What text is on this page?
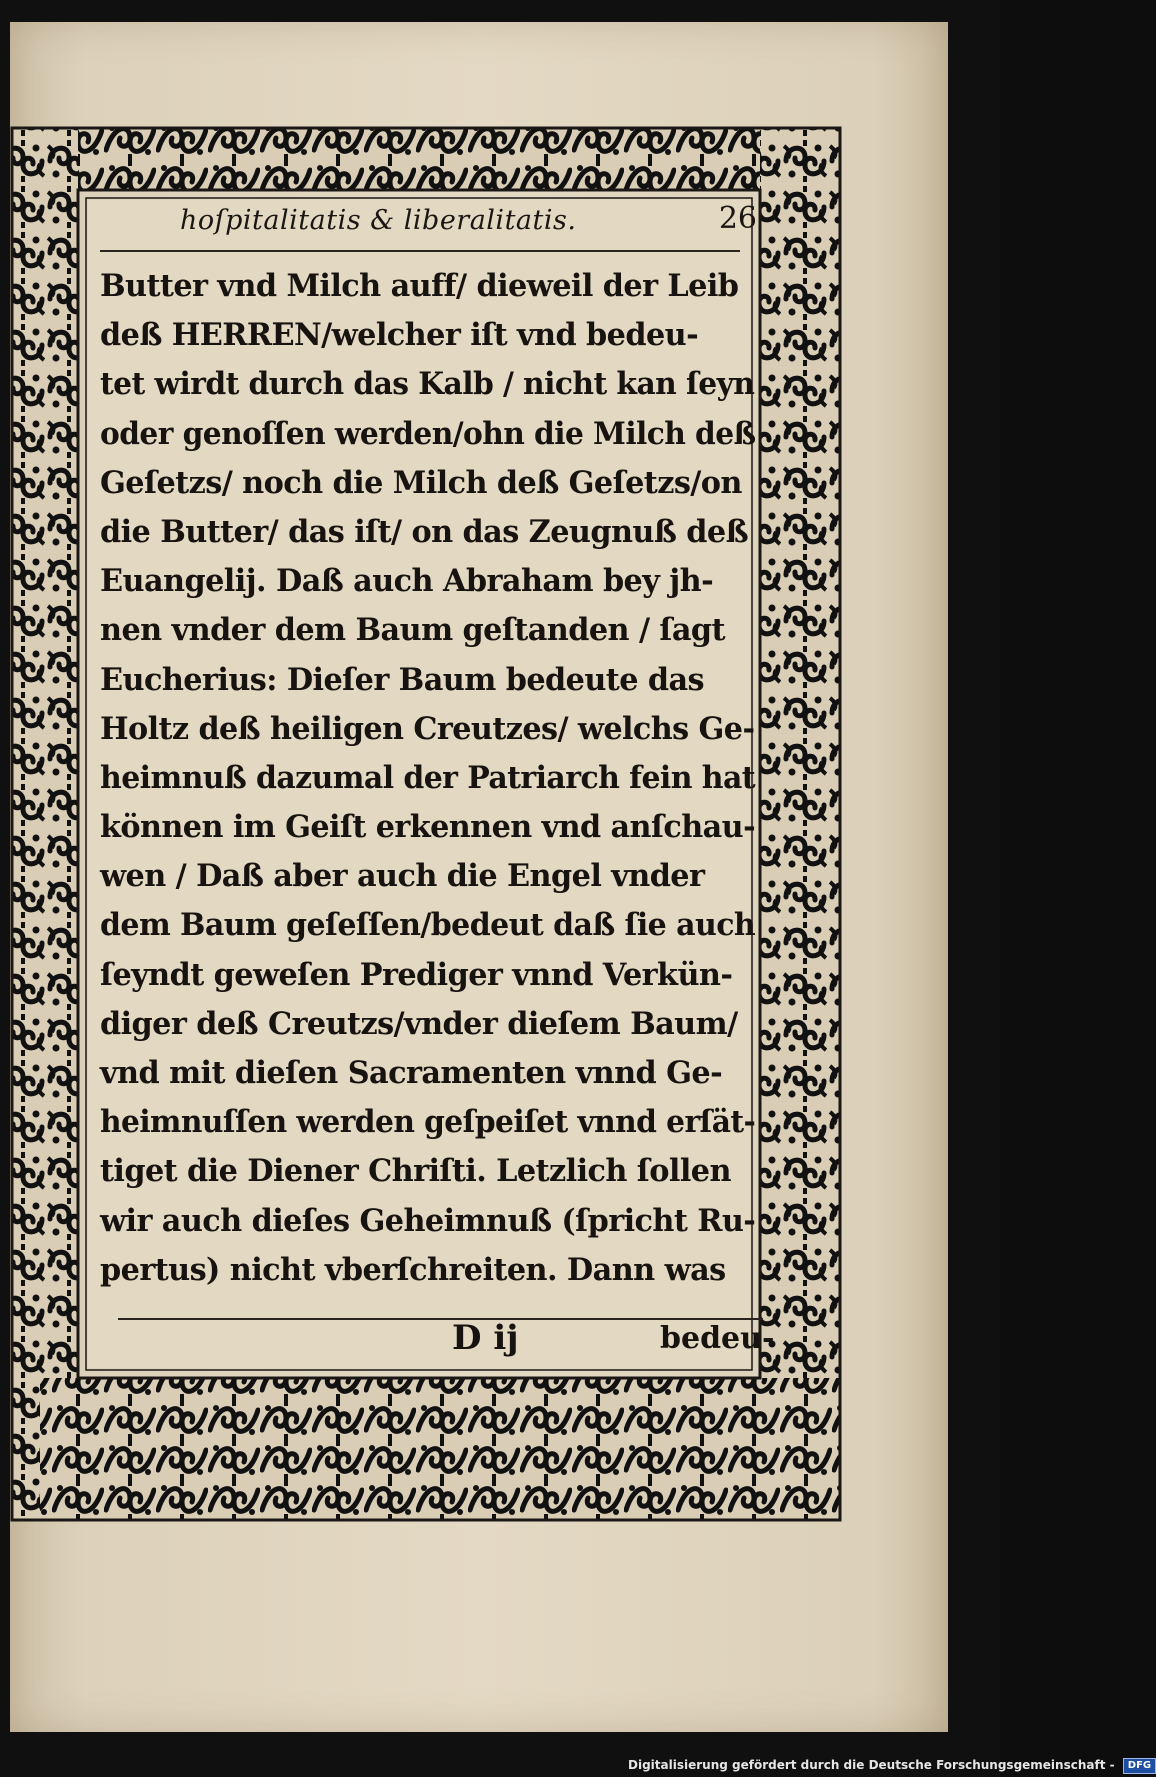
hoſpitalitatis & liberalitatis.	26
Butter vnd Milch auff/ dieweil der Leib
deß HERREN/welcher iſt vnd bedeu-
tet wirdt durch das Kalb / nicht kan ſeyn
oder genoſſen werden/ohn die Milch deß
Geſetzs/ noch die Milch deß Geſetzs/on
die Butter/ das iſt/ on das Zeugnuß deß
Euangelij. Daß auch Abraham bey jh-
nen vnder dem Baum geſtanden / ſagt
Eucherius: Dieſer Baum bedeute das
Holtz deß heiligen Creutzes/ welchs Ge-
heimnuß dazumal der Patriarch fein hat
können im Geiſt erkennen vnd anſchau-
wen / Daß aber auch die Engel vnder
dem Baum geſeſſen/bedeut daß ſie auch
ſeyndt geweſen Prediger vnnd Verkün-
diger deß Creutzs/vnder dieſem Baum/
vnd mit dieſen Sacramenten vnnd Ge-
heimnuſſen werden geſpeiſet vnnd erſät-
tiget die Diener Chriſti. Letzlich ſollen
wir auch dieſes Geheimnuß (ſpricht Ru-
pertus) nicht vberſchreiten. Dann was
D ij	bedeu-
Digitalisierung gefördert durch die Deutsche Forschungsgemeinschaft - DFG
